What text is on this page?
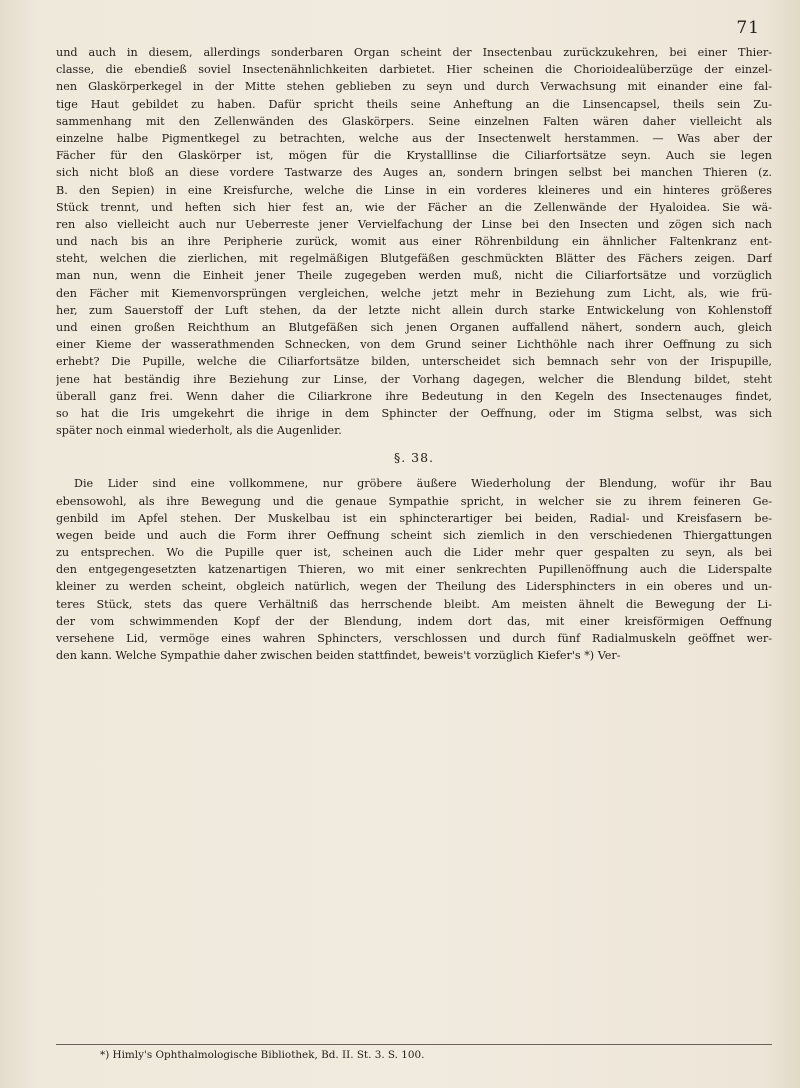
71
und auch in diesem, allerdings sonderbaren Organ scheint der Insectenbau zurückzukehren, bei einer Thier-
classe, die ebendieß soviel Insectenähnlichkeiten darbietet. Hier scheinen die Chorioidealüberzüge der einzel-
nen Glaskörperkegel in der Mitte stehen geblieben zu seyn und durch Verwachsung mit einander eine fal-
tige Haut gebildet zu haben. Dafür spricht theils seine Anheftung an die Linsencapsel, theils sein Zu-
sammenhang mit den Zellenwänden des Glaskörpers. Seine einzelnen Falten wären daher vielleicht als
einzelne halbe Pigmentkegel zu betrachten, welche aus der Insectenwelt herstammen. — Was aber der
Fächer für den Glaskörper ist, mögen für die Krystalllinse die Ciliarfortsätze seyn. Auch sie legen
sich nicht bloß an diese vordere Tastwarze des Auges an, sondern bringen selbst bei manchen Thieren (z.
B. den Sepien) in eine Kreisfurche, welche die Linse in ein vorderes kleineres und ein hinteres größeres
Stück trennt, und heften sich hier fest an, wie der Fächer an die Zellenwände der Hyaloidea. Sie wä-
ren also vielleicht auch nur Ueberreste jener Vervielfachung der Linse bei den Insecten und zögen sich nach
und nach bis an ihre Peripherie zurück, womit aus einer Röhrenbildung ein ähnlicher Faltenkranz ent-
steht, welchen die zierlichen, mit regelmäßigen Blutgefäßen geschmückten Blätter des Fächers zeigen. Darf
man nun, wenn die Einheit jener Theile zugegeben werden muß, nicht die Ciliarfortsätze und vorzüglich
den Fächer mit Kiemenvorsprüngen vergleichen, welche jetzt mehr in Beziehung zum Licht, als, wie frü-
her, zum Sauerstoff der Luft stehen, da der letzte nicht allein durch starke Entwickelung von Kohlenstoff
und einen großen Reichthum an Blutgefäßen sich jenen Organen auffallend nähert, sondern auch, gleich
einer Kieme der wasserathmenden Schnecken, von dem Grund seiner Lichthöhle nach ihrer Oeffnung zu sich
erhebt? Die Pupille, welche die Ciliarfortsätze bilden, unterscheidet sich bemnach sehr von der Irispupille,
jene hat beständig ihre Beziehung zur Linse, der Vorhang dagegen, welcher die Blendung bildet, steht
überall ganz frei. Wenn daher die Ciliarkrone ihre Bedeutung in den Kegeln des Insectenauges findet,
so hat die Iris umgekehrt die ihrige in dem Sphincter der Oeffnung, oder im Stigma selbst, was sich
später noch einmal wiederholt, als die Augenlider.
§. 38.
Die Lider sind eine vollkommene, nur gröbere äußere Wiederholung der Blendung, wofür ihr Bau
ebensowohl, als ihre Bewegung und die genaue Sympathie spricht, in welcher sie zu ihrem feineren Ge-
genbild im Apfel stehen. Der Muskelbau ist ein sphincterartiger bei beiden, Radial- und Kreisfasern be-
wegen beide und auch die Form ihrer Oeffnung scheint sich ziemlich in den verschiedenen Thiergattungen
zu entsprechen. Wo die Pupille quer ist, scheinen auch die Lider mehr quer gespalten zu seyn, als bei
den entgegengesetzten katzenartigen Thieren, wo mit einer senkrechten Pupillenöffnung auch die Liderspalte
kleiner zu werden scheint, obgleich natürlich, wegen der Theilung des Lidersphincters in ein oberes und un-
teres Stück, stets das quere Verhältniß das herrschende bleibt. Am meisten ähnelt die Bewegung der Li-
der vom schwimmenden Kopf der der Blendung, indem dort das, mit einer kreisförmigen Oeffnung
versehene Lid, vermöge eines wahren Sphincters, verschlossen und durch fünf Radialmuskeln geöffnet wer-
den kann. Welche Sympathie daher zwischen beiden stattfindet, beweis't vorzüglich Kiefer's *) Ver-
*) Himly's Ophthalmologische Bibliothek, Bd. II. St. 3. S. 100.
